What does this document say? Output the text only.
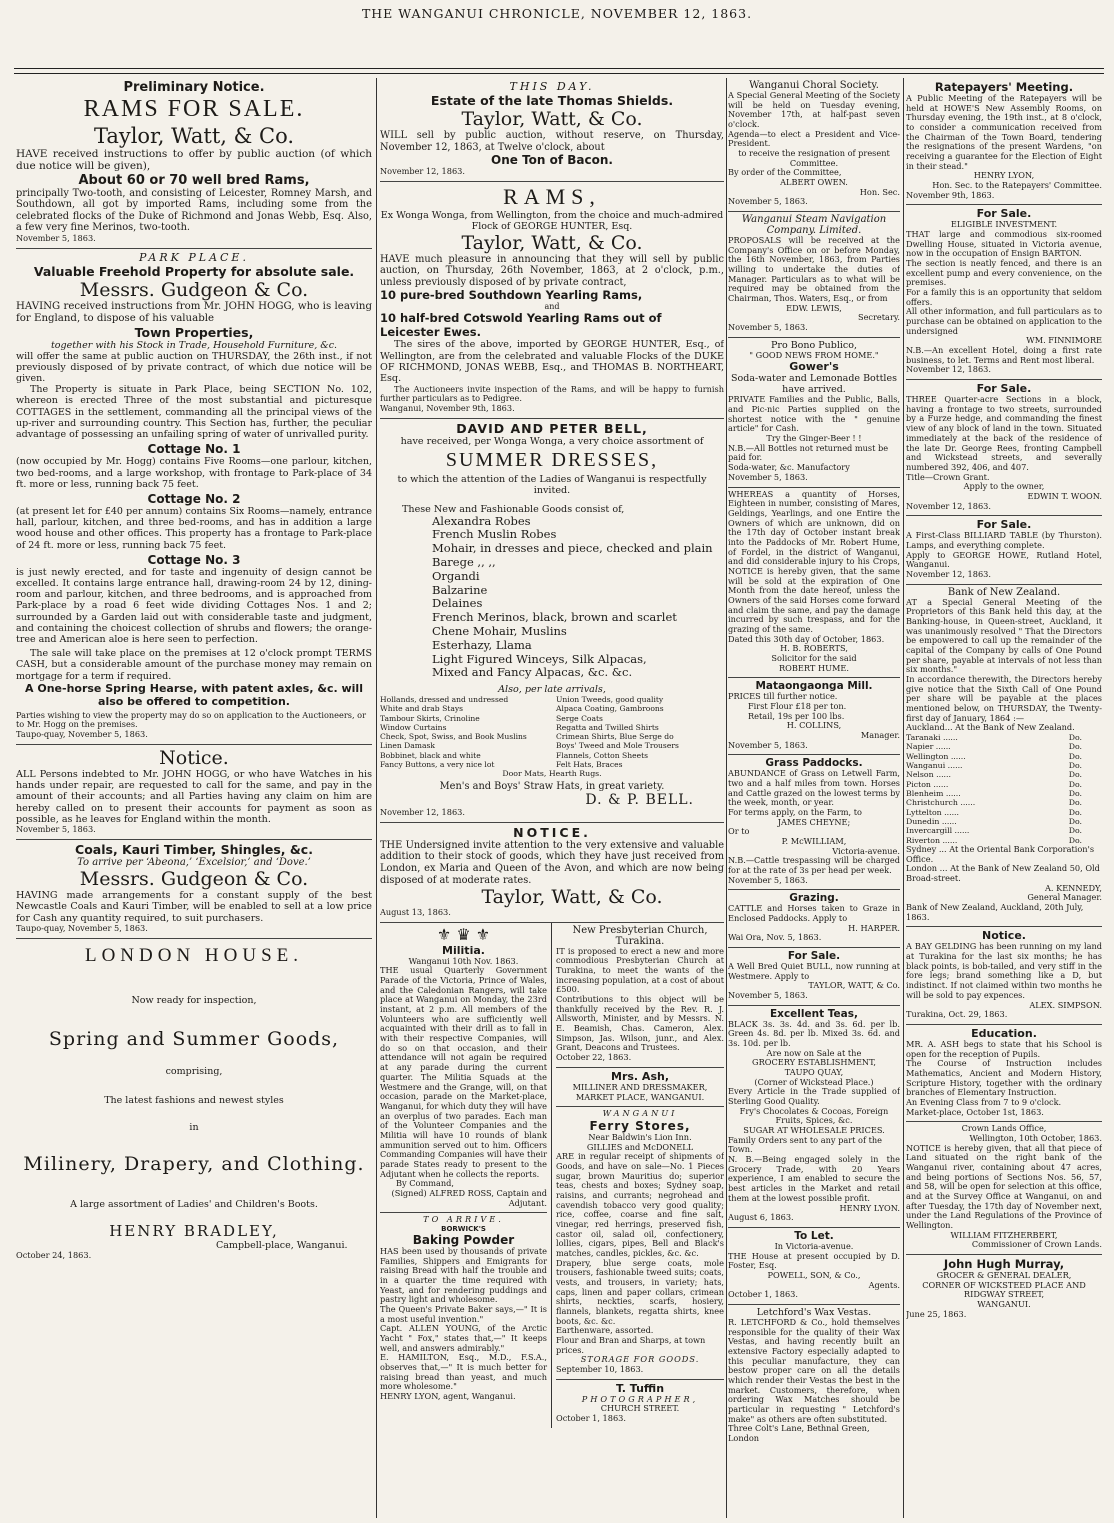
THE WANGANUI CHRONICLE, NOVEMBER 12, 1863.
Preliminary Notice.
RAMS FOR SALE.
Taylor, Watt, & Co.
HAVE received instructions to offer by public auction (of which due notice will be given),
About 60 or 70 well bred Rams,
principally Two-tooth, and consisting of Leicester, Romney Marsh, and Southdown, all got by imported Rams, including some from the celebrated flocks of the Duke of Richmond and Jonas Webb, Esq. Also, a few very fine Merinos, two-tooth.
November 5, 1863.
PARK PLACE.
Valuable Freehold Property for absolute sale.
Messrs. Gudgeon & Co.
HAVING received instructions from Mr. JOHN HOGG, who is leaving for England, to dispose of his valuable
Town Properties,
together with his Stock in Trade, Household Furniture, &c.
will offer the same at public auction on THURSDAY, the 26th inst., if not previously disposed of by private contract, of which due notice will be given.
The Property is situate in Park Place, being SECTION No. 102, whereon is erected Three of the most substantial and picturesque COTTAGES in the settlement, commanding all the principal views of the up-river and surrounding country. This Section has, further, the peculiar advantage of possessing an unfailing spring of water of unrivalled purity.
Cottage No. 1
(now occupied by Mr. Hogg) contains Five Rooms—one parlour, kitchen, two bed-rooms, and a large workshop, with frontage to Park-place of 34 ft. more or less, running back 75 feet.
Cottage No. 2
(at present let for £40 per annum) contains Six Rooms—namely, entrance hall, parlour, kitchen, and three bed-rooms, and has in addition a large wood house and other offices. This property has a frontage to Park-place of 24 ft. more or less, running back 75 feet.
Cottage No. 3
is just newly erected, and for taste and ingenuity of design cannot be excelled. It contains large entrance hall, drawing-room 24 by 12, dining-room and parlour, kitchen, and three bedrooms, and is approached from Park-place by a road 6 feet wide dividing Cottages Nos. 1 and 2; surrounded by a Garden laid out with considerable taste and judgment, and containing the choicest collection of shrubs and flowers; the orange-tree and American aloe is here seen to perfection.
The sale will take place on the premises at 12 o'clock prompt TERMS CASH, but a considerable amount of the purchase money may remain on mortgage for a term if required.
A One-horse Spring Hearse, with patent axles, &c. will also be offered to competition.
Parties wishing to view the property may do so on application to the Auctioneers, or to Mr. Hogg on the premises.
Taupo-quay, November 5, 1863.
Notice.
ALL Persons indebted to Mr. JOHN HOGG, or who have Watches in his hands under repair, are requested to call for the same, and pay in the amount of their accounts; and all Parties having any claim on him are hereby called on to present their accounts for payment as soon as possible, as he leaves for England within the month.
November 5, 1863.
Coals, Kauri Timber, Shingles, &c.
To arrive per ‘Abeona,’ ‘Excelsior,’ and ‘Dove.’
Messrs. Gudgeon & Co.
HAVING made arrangements for a constant supply of the best Newcastle Coals and Kauri Timber, will be enabled to sell at a low price for Cash any quantity required, to suit purchasers.
Taupo-quay, November 5, 1863.
LONDON HOUSE.
Now ready for inspection,
Spring and Summer Goods,
comprising,
The latest fashions and newest styles
in
Milinery, Drapery, and Clothing.
A large assortment of Ladies' and Children's Boots.
HENRY BRADLEY,
Campbell-place, Wanganui.
October 24, 1863.
THIS DAY.
Estate of the late Thomas Shields.
Taylor, Watt, & Co.
WILL sell by public auction, without reserve, on Thursday, November 12, 1863, at Twelve o'clock, about
One Ton of Bacon.
November 12, 1863.
RAMS,
Ex Wonga Wonga, from Wellington, from the choice and much-admired Flock of GEORGE HUNTER, Esq.
Taylor, Watt, & Co.
HAVE much pleasure in announcing that they will sell by public auction, on Thursday, 26th November, 1863, at 2 o'clock, p.m., unless previously disposed of by private contract,
10 pure-bred Southdown Yearling Rams,
and
10 half-bred Cotswold Yearling Rams out of Leicester Ewes.
The sires of the above, imported by GEORGE HUNTER, Esq., of Wellington, are from the celebrated and valuable Flocks of the DUKE OF RICHMOND, JONAS WEBB, Esq., and THOMAS B. NORTHEART, Esq.
The Auctioneers invite inspection of the Rams, and will be happy to furnish further particulars as to Pedigree.
Wanganui, November 9th, 1863.
DAVID AND PETER BELL,
have received, per Wonga Wonga, a very choice assortment of
SUMMER DRESSES,
to which the attention of the Ladies of Wanganui is respectfully invited.
These New and Fashionable Goods consist of,
Alexandra Robes
French Muslin Robes
Mohair, in dresses and piece, checked and plain
Barege ,, ,,
Organdi
Balzarine
Delaines
French Merinos, black, brown and scarlet
Chene Mohair, Muslins
Esterhazy, Llama
Light Figured Winceys, Silk Alpacas,
Mixed and Fancy Alpacas, &c. &c.
Also, per late arrivals,
Hollands, dressed and undressed
White and drab Stays
Tambour Skirts, Crinoline
Window Curtains
Check, Spot, Swiss, and Book Muslins
Linen Damask
Bobbinet, black and white
Fancy Buttons, a very nice lot
Union Tweeds, good quality
Alpaca Coating, Gambroons
Serge Coats
Regatta and Twilled Shirts
Crimean Shirts, Blue Serge do
Boys' Tweed and Mole Trousers
Flannels, Cotton Sheets
Felt Hats, Braces
Door Mats, Hearth Rugs.
Men's and Boys' Straw Hats, in great variety.
D. & P. BELL.
November 12, 1863.
NOTICE.
THE Undersigned invite attention to the very extensive and valuable addition to their stock of goods, which they have just received from London, ex Maria and Queen of the Avon, and which are now being disposed of at moderate rates.
Taylor, Watt, & Co.
August 13, 1863.
⚜ ♛ ⚜
Militia.
Wanganui 10th Nov. 1863.
THE usual Quarterly Government Parade of the Victoria, Prince of Wales, and the Caledonian Rangers, will take place at Wanganui on Monday, the 23rd instant, at 2 p.m. All members of the Volunteers who are sufficiently well acquainted with their drill as to fall in with their respective Companies, will do so on that occasion, and their attendance will not again be required at any parade during the current quarter. The Militia Squads at the Westmere and the Grange, will, on that occasion, parade on the Market-place, Wanganui, for which duty they will have an overplus of two parades. Each man of the Volunteer Companies and the Militia will have 10 rounds of blank ammunition served out to him. Officers Commanding Companies will have their parade States ready to present to the Adjutant when he collects the reports.
By Command,
(Signed) ALFRED ROSS, Captain and Adjutant.
TO ARRIVE.
BORWICK'S
Baking Powder
HAS been used by thousands of private Families, Shippers and Emigrants for raising Bread with half the trouble and in a quarter the time required with Yeast, and for rendering puddings and pastry light and wholesome.
The Queen's Private Baker says,—" It is a most useful invention."
Capt. ALLEN YOUNG, of the Arctic Yacht " Fox," states that,—" It keeps well, and answers admirably."
E. HAMILTON, Esq., M.D., F.S.A., observes that,—" It is much better for raising bread than yeast, and much more wholesome."
HENRY LYON, agent, Wanganui.
New Presbyterian Church, Turakina.
IT is proposed to erect a new and more commodious Presbyterian Church at Turakina, to meet the wants of the increasing population, at a cost of about £500.
Contributions to this object will be thankfully received by the Rev. R. J. Allsworth, Minister, and by Messrs. N. E. Beamish, Chas. Cameron, Alex. Simpson, Jas. Wilson, junr., and Alex. Grant, Deacons and Trustees.
October 22, 1863.
Mrs. Ash,
MILLINER AND DRESSMAKER,
MARKET PLACE, WANGANUI.
WANGANUI
Ferry Stores,
Near Baldwin's Lion Inn.
GILLIES and McDONELL
ARE in regular receipt of shipments of Goods, and have on sale—No. 1 Pieces sugar, brown Mauritius do; superior teas, chests and boxes; Sydney soap, raisins, and currants; negrohead and cavendish tobacco very good quality; rice, coffee, coarse and fine salt, vinegar, red herrings, preserved fish, castor oil, salad oil, confectionery, lollies, cigars, pipes, Bell and Black's matches, candles, pickles, &c. &c.
Drapery, blue serge coats, mole trousers, fashionable tweed suits; coats, vests, and trousers, in variety; hats, caps, linen and paper collars, crimean shirts, neckties, scarfs, hosiery, flannels, blankets, regatta shirts, knee boots, &c. &c.
Earthenware, assorted.
Flour and Bran and Sharps, at town prices.
STORAGE FOR GOODS.
September 10, 1863.
T. Tuffin
PHOTOGRAPHER,
CHURCH STREET.
October 1, 1863.
Wanganui Choral Society.
A Special General Meeting of the Society will be held on Tuesday evening, November 17th, at half-past seven o'clock.
Agenda—to elect a President and Vice-President.
to receive the resignation of present Committee.
By order of the Committee,
ALBERT OWEN.
Hon. Sec.
November 5, 1863.
Wanganui Steam Navigation Company. Limited.
PROPOSALS will be received at the Company's Office on or before Monday, the 16th November, 1863, from Parties willing to undertake the duties of Manager. Particulars as to what will be required may be obtained from the Chairman, Thos. Waters, Esq., or from
EDW. LEWIS,
Secretary.
November 5, 1863.
Pro Bono Publico,
" GOOD NEWS FROM HOME."
Gower's
Soda-water and Lemonade Bottles have arrived.
PRIVATE Families and the Public, Balls, and Pic-nic Parties supplied on the shortest notice with the " genuine article" for Cash.
Try the Ginger-Beer ! !
N.B.—All Bottles not returned must be paid for.
Soda-water, &c. Manufactory
November 5, 1863.
WHEREAS a quantity of Horses, Eighteen in number, consisting of Mares, Geldings, Yearlings, and one Entire the Owners of which are unknown, did on the 17th day of October instant break into the Paddocks of Mr. Robert Hume, of Fordel, in the district of Wanganui, and did considerable injury to his Crops, NOTICE is hereby given, that the same will be sold at the expiration of One Month from the date hereof, unless the Owners of the said Horses come forward and claim the same, and pay the damage incurred by such trespass, and for the grazing of the same.
Dated this 30th day of October, 1863.
H. B. ROBERTS,
Solicitor for the said
ROBERT HUME.
Mataongaonga Mill.
PRICES till further notice.
First Flour £18 per ton.
Retail, 19s per 100 lbs.
H. COLLINS,
Manager.
November 5, 1863.
Grass Paddocks.
ABUNDANCE of Grass on Letwell Farm, two and a half miles from town. Horses and Cattle grazed on the lowest terms by the week, month, or year.
For terms apply, on the Farm, to
JAMES CHEYNE;
Or to
P. McWILLIAM,
Victoria-avenue.
N.B.—Cattle trespassing will be charged for at the rate of 3s per head per week.
November 5, 1863.
Grazing.
CATTLE and Horses taken to Graze in Enclosed Paddocks. Apply to
H. HARPER.
Wai Ora, Nov. 5, 1863.
For Sale.
A Well Bred Quiet BULL, now running at Westmere. Apply to
TAYLOR, WATT, & Co.
November 5, 1863.
Excellent Teas,
BLACK 3s. 3s. 4d. and 3s. 6d. per lb. Green 4s. 8d. per lb. Mixed 3s. 6d. and 3s. 10d. per lb.
Are now on Sale at the
GROCERY ESTABLISHMENT,
TAUPO QUAY,
(Corner of Wickstead Place.)
Every Article in the Trade supplied of Sterling Good Quality.
Fry's Chocolates & Cocoas, Foreign Fruits, Spices, &c.
SUGAR AT WHOLESALE PRICES.
Family Orders sent to any part of the Town.
N. B.—Being engaged solely in the Grocery Trade, with 20 Years experience, I am enabled to secure the best articles in the Market and retail them at the lowest possible profit.
HENRY LYON.
August 6, 1863.
To Let.
In Victoria-avenue.
THE House at present occupied by D. Foster, Esq.
POWELL, SON, & Co.,
Agents.
October 1, 1863.
Letchford's Wax Vestas.
R. LETCHFORD & Co., hold themselves responsible for the quality of their Wax Vestas, and having recently built an extensive Factory especially adapted to this peculiar manufacture, they can bestow proper care on all the details which render their Vestas the best in the market. Customers, therefore, when ordering Wax Matches should be particular in requesting " Letchford's make" as others are often substituted.
Three Colt's Lane, Bethnal Green, London
Ratepayers' Meeting.
A Public Meeting of the Ratepayers will be held at HOWE'S New Assembly Rooms, on Thursday evening, the 19th inst., at 8 o'clock, to consider a communication received from the Chairman of the Town Board, tendering the resignations of the present Wardens, "on receiving a guarantee for the Election of Eight in their stead."
HENRY LYON,
Hon. Sec. to the Ratepayers' Committee.
November 9th, 1863.
For Sale.
ELIGIBLE INVESTMENT.
THAT large and commodious six-roomed Dwelling House, situated in Victoria avenue, now in the occupation of Ensign BARTON.
The section is neatly fenced, and there is an excellent pump and every convenience, on the premises.
For a family this is an opportunity that seldom offers.
All other information, and full particulars as to purchase can be obtained on application to the undersigned
WM. FINNIMORE
N.B.—An excellent Hotel, doing a first rate business, to let. Terms and Rent most liberal.
November 12, 1863.
For Sale.
THREE Quarter-acre Sections in a block, having a frontage to two streets, surrounded by a Furze hedge, and commanding the finest view of any block of land in the town. Situated immediately at the back of the residence of the late Dr. George Rees, fronting Campbell and Wickstead streets, and severally numbered 392, 406, and 407.
Title—Crown Grant.
Apply to the owner,
EDWIN T. WOON.
November 12, 1863.
For Sale.
A First-Class BILLIARD TABLE (by Thurston). Lamps, and everything complete.
Apply to GEORGE HOWE, Rutland Hotel, Wanganui.
November 12, 1863.
Bank of New Zealand.
AT a Special General Meeting of the Proprietors of this Bank held this day, at the Banking-house, in Queen-street, Auckland, it was unanimously resolved " That the Directors be empowered to call up the remainder of the capital of the Company by calls of One Pound per share, payable at intervals of not less than six months."
In accordance therewith, the Directors hereby give notice that the Sixth Call of One Pound per share will be payable at the places mentioned below, on THURSDAY, the Twenty-first day of January, 1864 :—
Auckland... At the Bank of New Zealand.
Taranaki ......	Do.
Napier ......	Do.
Wellington ......	Do.
Wanganui ......	Do.
Nelson ......	Do.
Picton ......	Do.
Blenheim ......	Do.
Christchurch ......	Do.
Lyttelton ......	Do.
Dunedin ......	Do.
Invercargill ......	Do.
Riverton ......	Do.
Sydney ... At the Oriental Bank Corporation's Office.
London ... At the Bank of New Zealand 50, Old Broad-street.
A. KENNEDY,
General Manager.
Bank of New Zealand, Auckland, 20th July, 1863.
Notice.
A BAY GELDING has been running on my land at Turakina for the last six months; he has black points, is bob-tailed, and very stiff in the fore legs; brand something like a D, but indistinct. If not claimed within two months he will be sold to pay expences.
ALEX. SIMPSON.
Turakina, Oct. 29, 1863.
Education.
MR. A. ASH begs to state that his School is open for the reception of Pupils.
The Course of Instruction includes Mathematics, Ancient and Modern History, Scripture History, together with the ordinary branches of Elementary Instruction.
An Evening Class from 7 to 9 o'clock.
Market-place, October 1st, 1863.
Crown Lands Office,
Wellington, 10th October, 1863.
NOTICE is hereby given, that all that piece of Land situated on the right bank of the Wanganui river, containing about 47 acres, and being portions of Sections Nos. 56, 57, and 58, will be open for selection at this office, and at the Survey Office at Wanganui, on and after Tuesday, the 17th day of November next, under the Land Regulations of the Province of Wellington.
WILLIAM FITZHERBERT,
Commissioner of Crown Lands.
John Hugh Murray,
GROCER & GENERAL DEALER,
CORNER OF WICKSTEED PLACE AND RIDGWAY STREET,
WANGANUI.
June 25, 1863.
